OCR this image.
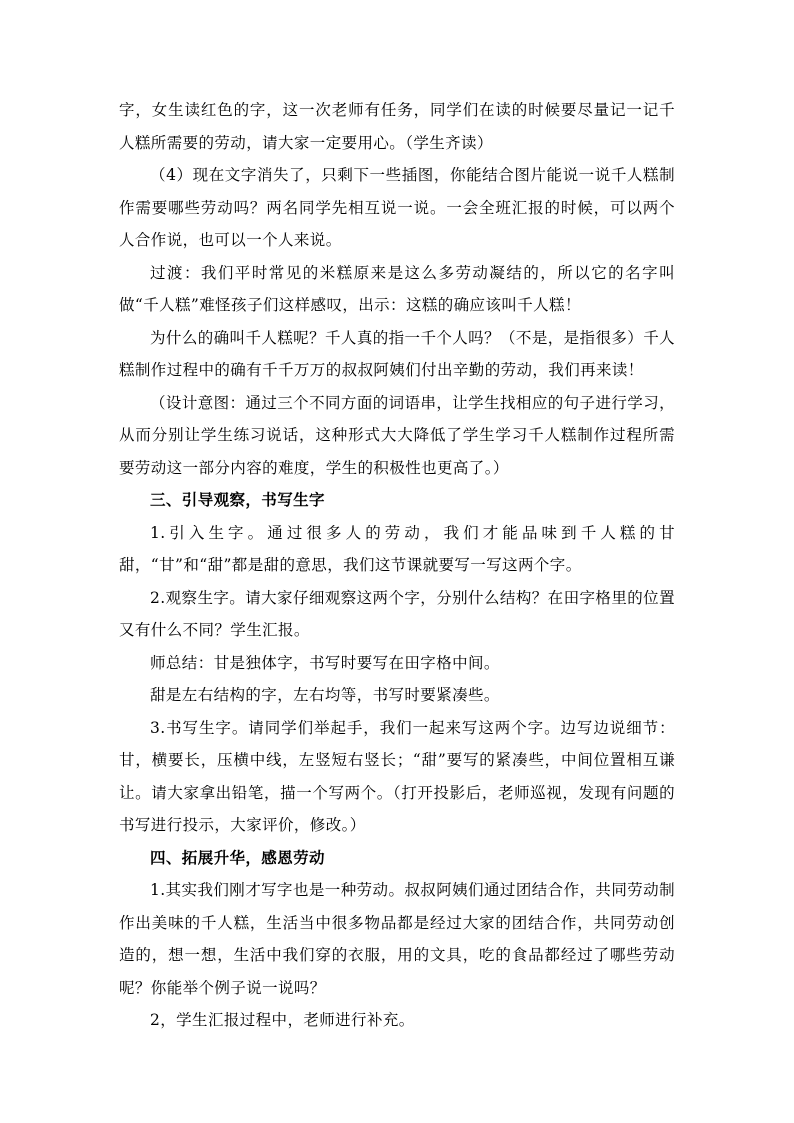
字，女生读红色的字，这一次老师有任务，同学们在读的时候要尽量记一记千人糕所需要的劳动，请大家一定要用心。（学生齐读）

（4）现在文字消失了，只剩下一些插图，你能结合图片能说一说千人糕制作需要哪些劳动吗？两名同学先相互说一说。一会全班汇报的时候，可以两个人合作说，也可以一个人来说。

过渡：我们平时常见的米糕原来是这么多劳动凝结的，所以它的名字叫做“千人糕”难怪孩子们这样感叹，出示：这糕的确应该叫千人糕！

为什么的确叫千人糕呢？千人真的指一千个人吗？（不是，是指很多）千人糕制作过程中的确有千千万万的叔叔阿姨们付出辛勤的劳动，我们再来读！

（设计意图：通过三个不同方面的词语串，让学生找相应的句子进行学习，从而分别让学生练习说话，这种形式大大降低了学生学习千人糕制作过程所需要劳动这一部分内容的难度，学生的积极性也更高了。）

三、引导观察，书写生字

1.引入生字。通过很多人的劳动，我们才能品味到千人糕的甘甜，“甘”和“甜”都是甜的意思，我们这节课就要写一写这两个字。

2.观察生字。请大家仔细观察这两个字，分别什么结构？在田字格里的位置又有什么不同？学生汇报。

师总结：甘是独体字，书写时要写在田字格中间。

甜是左右结构的字，左右均等，书写时要紧凑些。

3.书写生字。请同学们举起手，我们一起来写这两个字。边写边说细节：甘，横要长，压横中线，左竖短右竖长；“甜”要写的紧凑些，中间位置相互谦让。请大家拿出铅笔，描一个写两个。（打开投影后，老师巡视，发现有问题的书写进行投示，大家评价，修改。）

四、拓展升华，感恩劳动

1.其实我们刚才写字也是一种劳动。叔叔阿姨们通过团结合作，共同劳动制作出美味的千人糕，生活当中很多物品都是经过大家的团结合作，共同劳动创造的，想一想，生活中我们穿的衣服，用的文具，吃的食品都经过了哪些劳动呢？你能举个例子说一说吗？

2，学生汇报过程中，老师进行补充。
